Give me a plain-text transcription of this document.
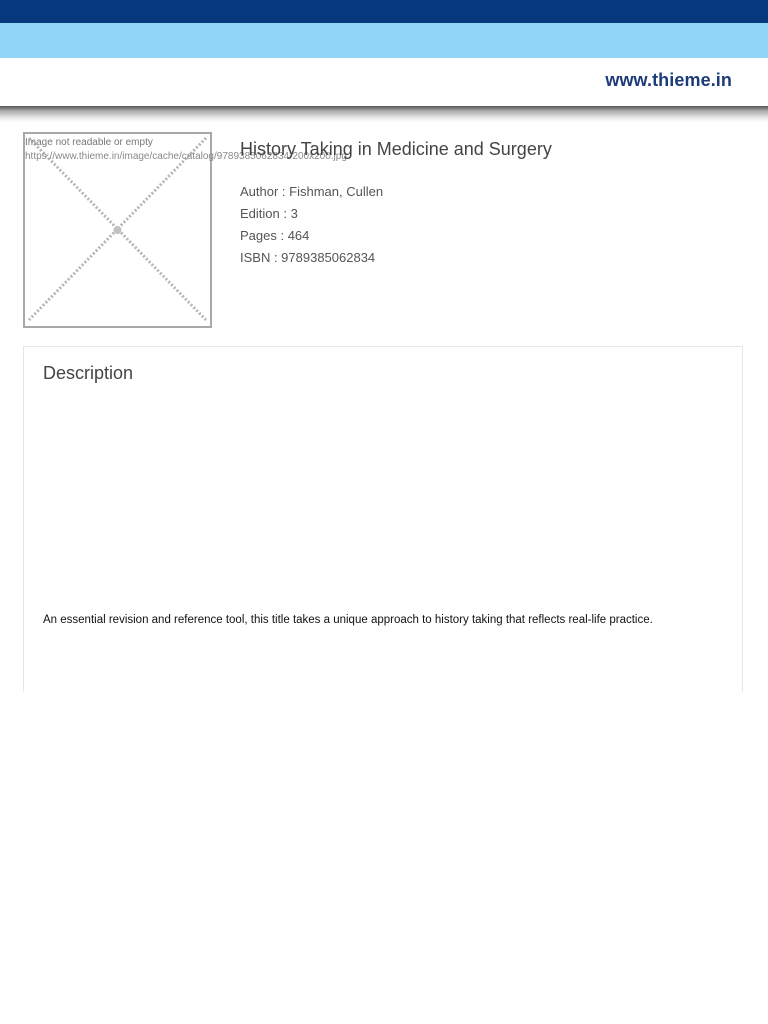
www.thieme.in
Image not readable or empty
https://www.thieme.in/image/cache/catalog/9789385062834-200x200.jpg
History Taking in Medicine and Surgery
Author : Fishman, Cullen
Edition : 3
Pages : 464
ISBN : 9789385062834
Description
An essential revision and reference tool, this title takes a unique approach to history taking that reflects real-life practice.
